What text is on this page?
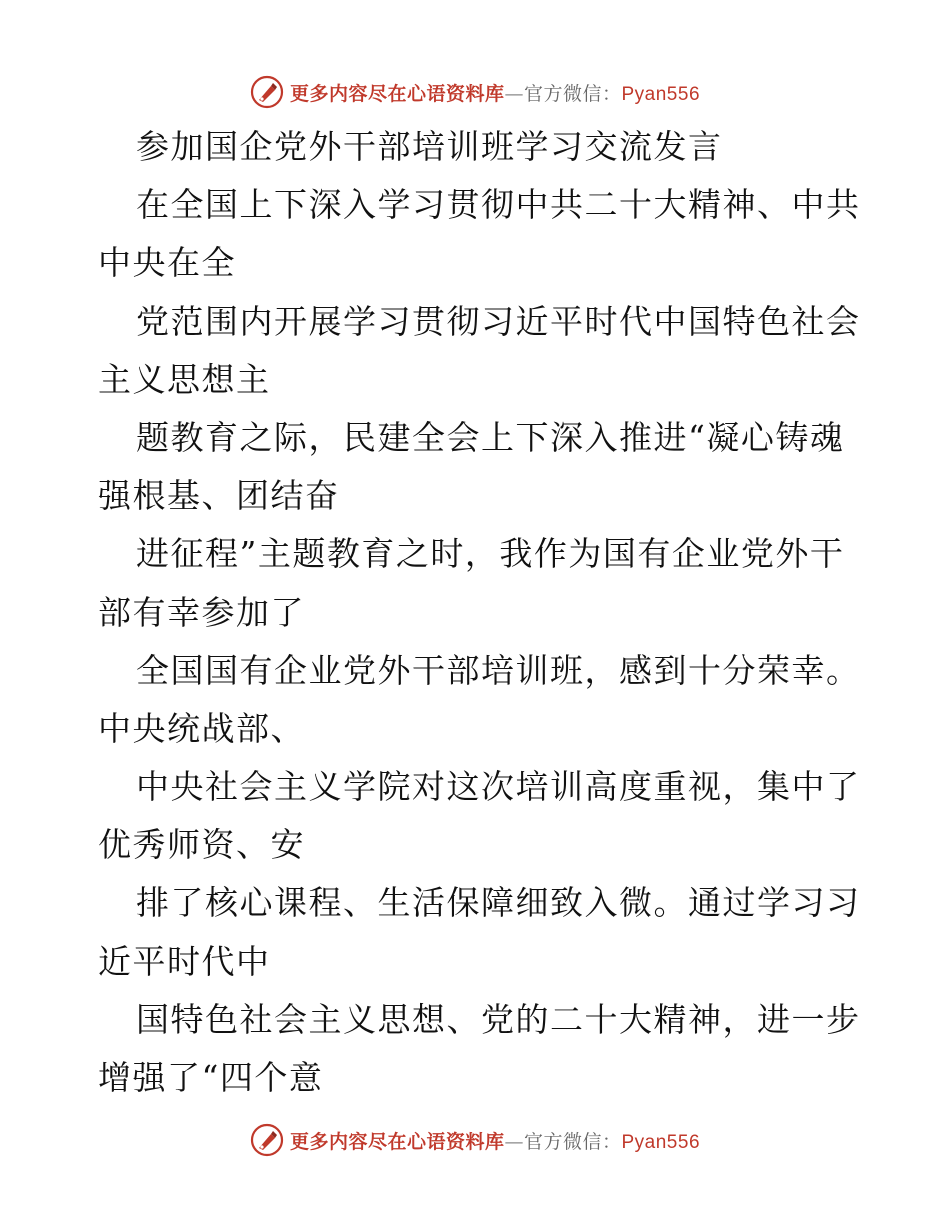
更多内容尽在心语资料库—官方微信：Pyan556
参加国企党外干部培训班学习交流发言
在全国上下深入学习贯彻中共二十大精神、中共
中央在全
党范围内开展学习贯彻习近平时代中国特色社会
主义思想主
题教育之际，民建全会上下深入推进“凝心铸魂
强根基、团结奋
进征程”主题教育之时，我作为国有企业党外干
部有幸参加了
全国国有企业党外干部培训班，感到十分荣幸。
中央统战部、
中央社会主义学院对这次培训高度重视，集中了
优秀师资、安
排了核心课程、生活保障细致入微。通过学习习
近平时代中
国特色社会主义思想、党的二十大精神，进一步
增强了“四个意
更多内容尽在心语资料库—官方微信：Pyan556
